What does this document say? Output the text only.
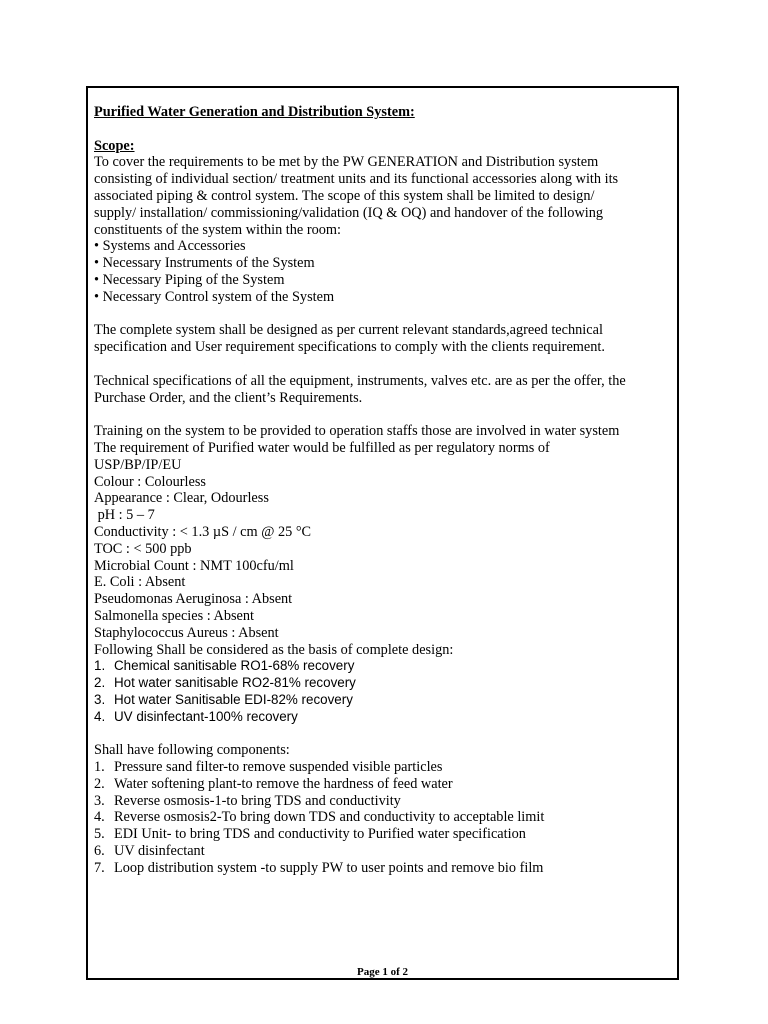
Purified Water Generation and Distribution System:

Scope:

To cover the requirements to be met by the PW GENERATION and Distribution system

consisting of individual section/ treatment units and its functional accessories along with its

associated piping & control system. The scope of this system shall be limited to design/

supply/ installation/ commissioning/validation (IQ & OQ) and handover of the following

constituents of the system within the room:

• Systems and Accessories

• Necessary Instruments of the System

• Necessary Piping of the System

• Necessary Control system of the System

The complete system shall be designed as per current relevant standards,agreed technical

specification and User requirement specifications to comply with the clients requirement.

Technical specifications of all the equipment, instruments, valves etc. are as per the offer, the

Purchase Order, and the client’s Requirements.

Training on the system to be provided to operation staffs those are involved in water system

The requirement of Purified water would be fulfilled as per regulatory norms of

USP/BP/IP/EU

Colour : Colourless

Appearance : Clear, Odourless

pH : 5 – 7

Conductivity : < 1.3 µS / cm @ 25 °C

TOC : < 500 ppb

Microbial Count : NMT 100cfu/ml

E. Coli : Absent

Pseudomonas Aeruginosa : Absent

Salmonella species : Absent

Staphylococcus Aureus : Absent

Following Shall be considered as the basis of complete design:

1. Chemical sanitisable RO1-68% recovery

2. Hot water sanitisable RO2-81% recovery

3. Hot water Sanitisable EDI-82% recovery

4. UV disinfectant-100% recovery

Shall have following components:

1. Pressure sand filter-to remove suspended visible particles

2. Water softening plant-to remove the hardness of feed water

3. Reverse osmosis-1-to bring TDS and conductivity

4. Reverse osmosis2-To bring down TDS and conductivity to acceptable limit

5. EDI Unit- to bring TDS and conductivity to Purified water specification

6. UV disinfectant

7. Loop distribution system -to supply PW to user points and remove bio film

Page 1 of 2
